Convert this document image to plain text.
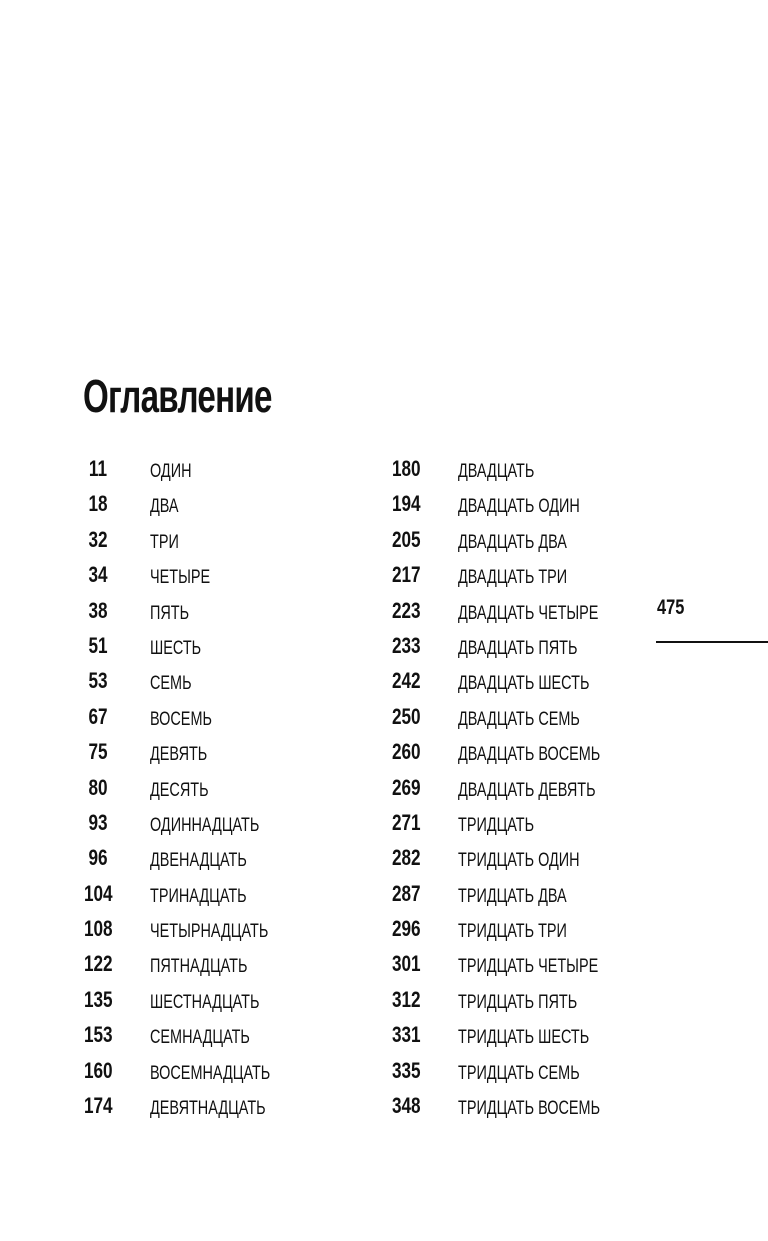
Оглавление
11 ОДИН
18 ДВА
32 ТРИ
34 ЧЕТЫРЕ
38 ПЯТЬ
51 ШЕСТЬ
53 СЕМЬ
67 ВОСЕМЬ
75 ДЕВЯТЬ
80 ДЕСЯТЬ
93 ОДИННАДЦАТЬ
96 ДВЕНАДЦАТЬ
104 ТРИНАДЦАТЬ
108 ЧЕТЫРНАДЦАТЬ
122 ПЯТНАДЦАТЬ
135 ШЕСТНАДЦАТЬ
153 СЕМНАДЦАТЬ
160 ВОСЕМНАДЦАТЬ
174 ДЕВЯТНАДЦАТЬ
180 ДВАДЦАТЬ
194 ДВАДЦАТЬ ОДИН
205 ДВАДЦАТЬ ДВА
217 ДВАДЦАТЬ ТРИ
223 ДВАДЦАТЬ ЧЕТЫРЕ
233 ДВАДЦАТЬ ПЯТЬ
242 ДВАДЦАТЬ ШЕСТЬ
250 ДВАДЦАТЬ СЕМЬ
260 ДВАДЦАТЬ ВОСЕМЬ
269 ДВАДЦАТЬ ДЕВЯТЬ
271 ТРИДЦАТЬ
282 ТРИДЦАТЬ ОДИН
287 ТРИДЦАТЬ ДВА
296 ТРИДЦАТЬ ТРИ
301 ТРИДЦАТЬ ЧЕТЫРЕ
312 ТРИДЦАТЬ ПЯТЬ
331 ТРИДЦАТЬ ШЕСТЬ
335 ТРИДЦАТЬ СЕМЬ
348 ТРИДЦАТЬ ВОСЕМЬ
475
